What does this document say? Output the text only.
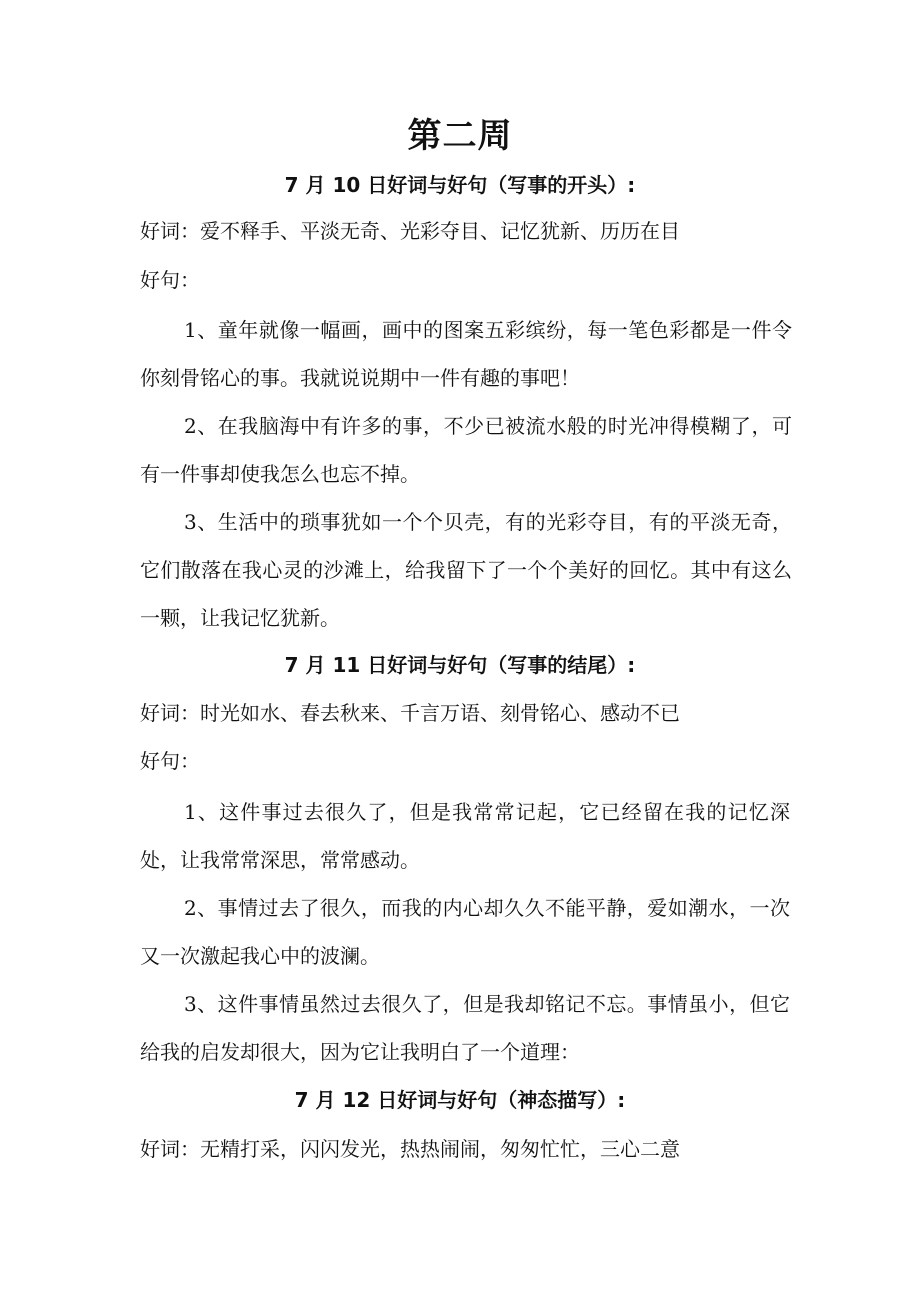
第二周
7 月 10 日好词与好句（写事的开头）:
好词：爱不释手、平淡无奇、光彩夺目、记忆犹新、历历在目
好句：
1、童年就像一幅画，画中的图案五彩缤纷，每一笔色彩都是一件令你刻骨铭心的事。我就说说期中一件有趣的事吧！
2、在我脑海中有许多的事，不少已被流水般的时光冲得模糊了，可有一件事却使我怎么也忘不掉。
3、生活中的琐事犹如一个个贝壳，有的光彩夺目，有的平淡无奇，它们散落在我心灵的沙滩上，给我留下了一个个美好的回忆。其中有这么一颗，让我记忆犹新。
7 月 11 日好词与好句（写事的结尾）:
好词：时光如水、春去秋来、千言万语、刻骨铭心、感动不已
好句：
1、这件事过去很久了，但是我常常记起，它已经留在我的记忆深处，让我常常深思，常常感动。
2、事情过去了很久，而我的内心却久久不能平静，爱如潮水，一次又一次激起我心中的波澜。
3、这件事情虽然过去很久了，但是我却铭记不忘。事情虽小，但它给我的启发却很大，因为它让我明白了一个道理：
7 月 12 日好词与好句（神态描写）:
好词：无精打采，闪闪发光，热热闹闹，匆匆忙忙，三心二意
